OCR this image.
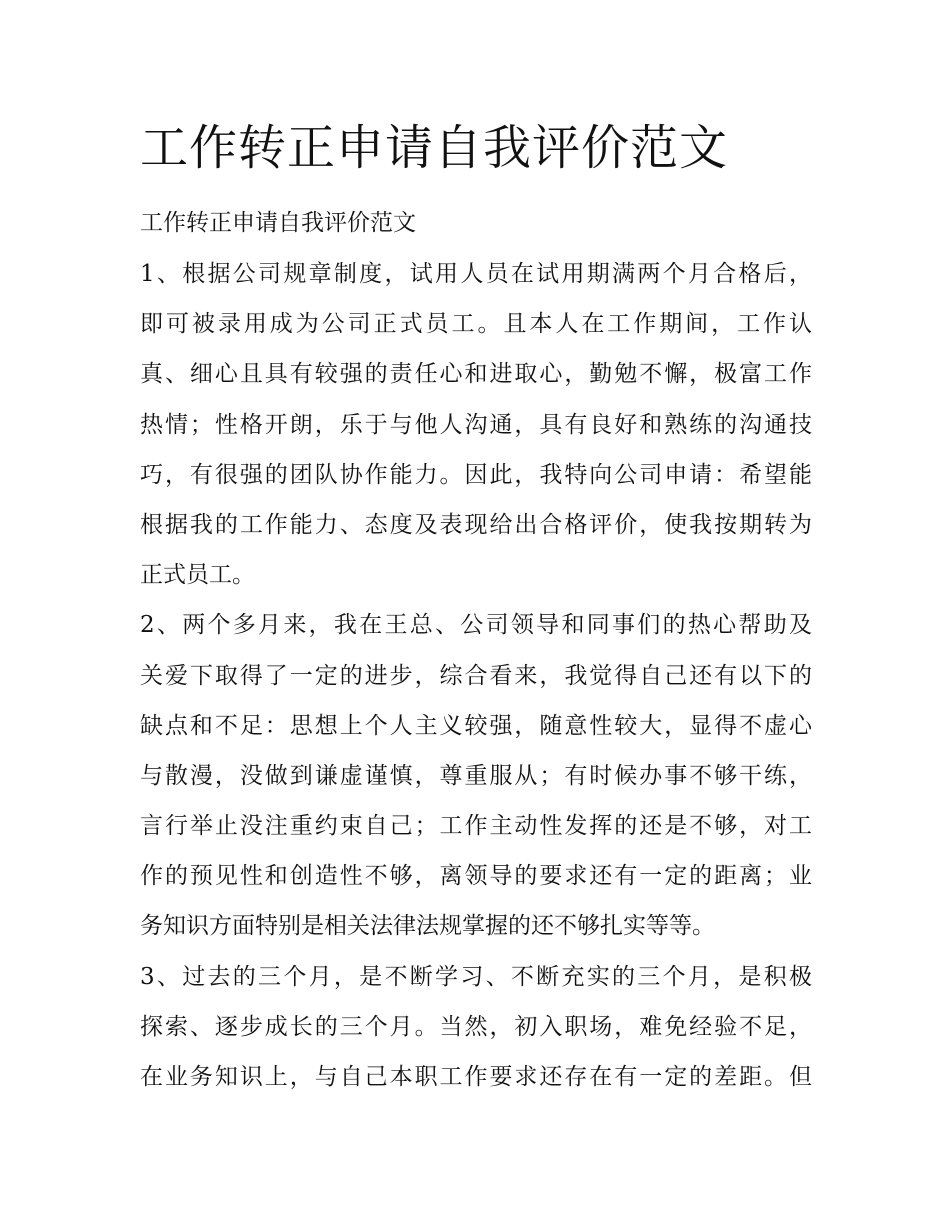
工作转正申请自我评价范文
工作转正申请自我评价范文
1、根据公司规章制度，试用人员在试用期满两个月合格后，
即可被录用成为公司正式员工。且本人在工作期间，工作认
真、细心且具有较强的责任心和进取心，勤勉不懈，极富工作
热情；性格开朗，乐于与他人沟通，具有良好和熟练的沟通技
巧，有很强的团队协作能力。因此，我特向公司申请：希望能
根据我的工作能力、态度及表现给出合格评价，使我按期转为
正式员工。
2、两个多月来，我在王总、公司领导和同事们的热心帮助及
关爱下取得了一定的进步，综合看来，我觉得自己还有以下的
缺点和不足：思想上个人主义较强，随意性较大，显得不虚心
与散漫，没做到谦虚谨慎，尊重服从；有时候办事不够干练，
言行举止没注重约束自己；工作主动性发挥的还是不够，对工
作的预见性和创造性不够，离领导的要求还有一定的距离；业
务知识方面特别是相关法律法规掌握的还不够扎实等等。
3、过去的三个月，是不断学习、不断充实的三个月，是积极
探索、逐步成长的三个月。当然，初入职场，难免经验不足，
在业务知识上，与自己本职工作要求还存在有一定的差距。但
